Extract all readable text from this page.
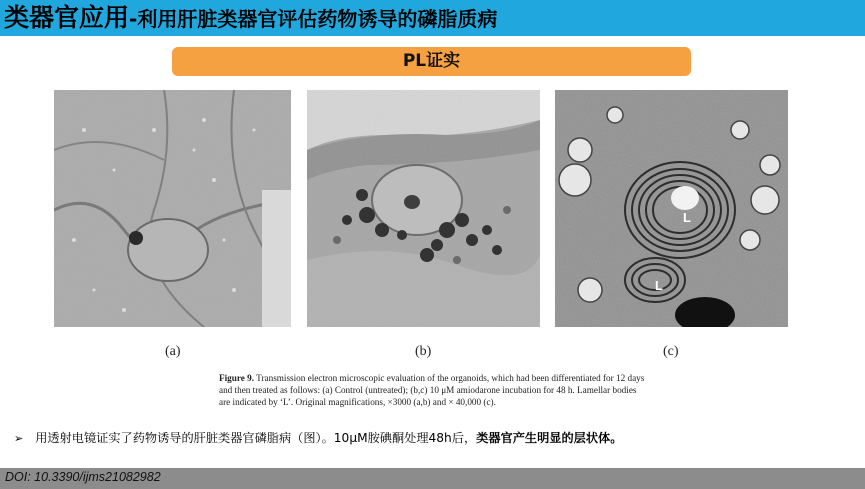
类器官应用-利用肝脏类器官评估药物诱导的磷脂质病
PL证实
L
L
(a)	(b)	(c)
Figure 9. Transmission electron microscopic evaluation of the organoids, which had been differentiated for 12 days and then treated as follows: (a) Control (untreated); (b,c) 10 μM amiodarone incubation for 48 h. Lamellar bodies are indicated by ‘L’. Original magnifications, ×3000 (a,b) and × 40,000 (c).
➢ 用透射电镜证实了药物诱导的肝脏类器官磷脂病（图）。10μM胺碘酮处理48h后，类器官产生明显的层状体。
DOI: 10.3390/ijms21082982
